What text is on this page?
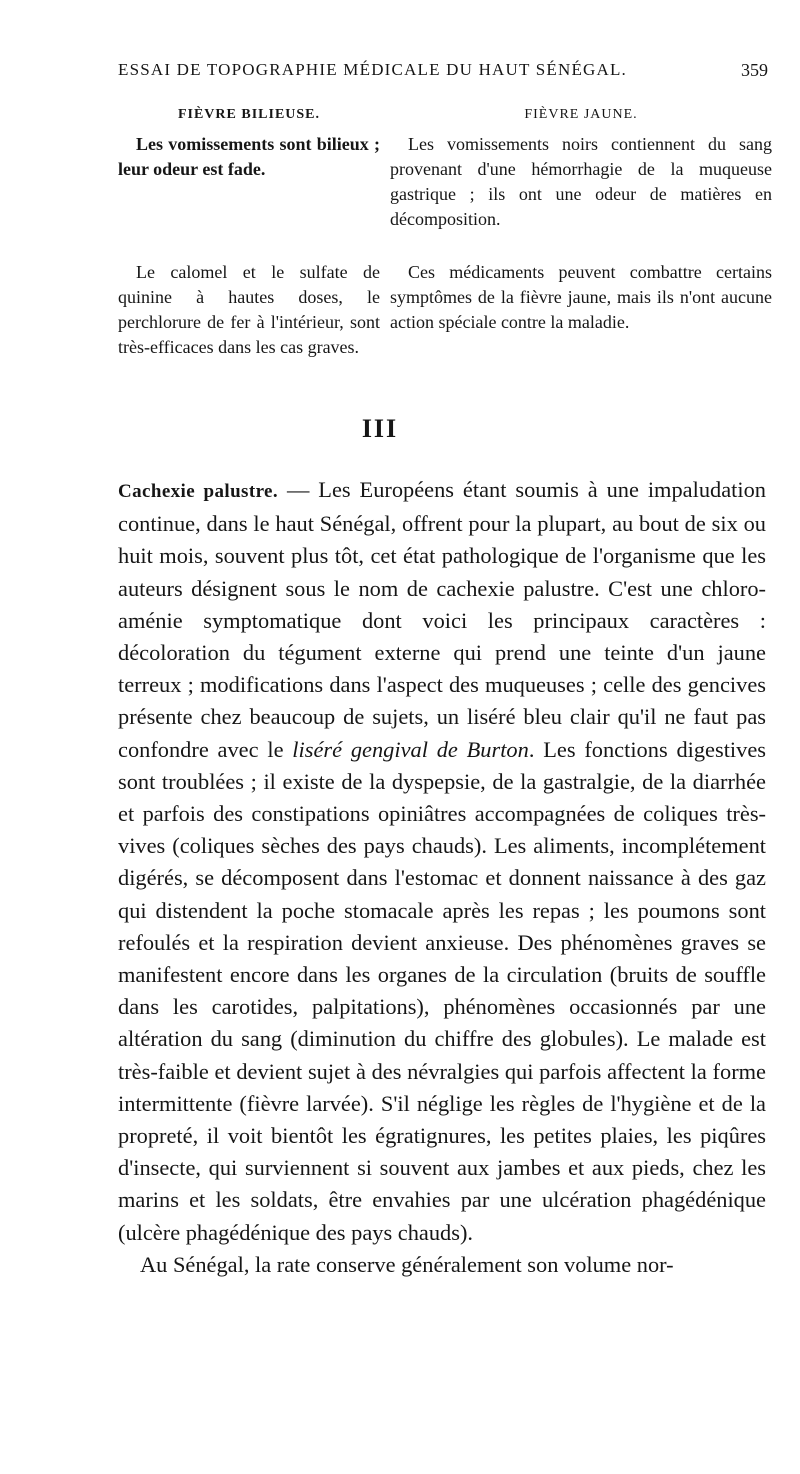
ESSAI DE TOPOGRAPHIE MÉDICALE DU HAUT SÉNÉGAL.	359
FIÈVRE BILIEUSE.

Les vomissements sont bilieux ; leur odeur est fade.

Le calomel et le sulfate de quinine à hautes doses, le perchlorure de fer à l'intérieur, sont très-efficaces dans les cas graves.

FIÈVRE JAUNE.

Les vomissements noirs contiennent du sang provenant d'une hémorrhagie de la muqueuse gastrique ; ils ont une odeur de matières en décomposition.

Ces médicaments peuvent combattre certains symptômes de la fièvre jaune, mais ils n'ont aucune action spéciale contre la maladie.

III

Cachexie palustre. — Les Européens étant soumis à une impaludation continue, dans le haut Sénégal, offrent pour la plupart, au bout de six ou huit mois, souvent plus tôt, cet état pathologique de l'organisme que les auteurs désignent sous le nom de cachexie palustre. C'est une chloro-aménie symptomatique dont voici les principaux caractères : décoloration du tégument externe qui prend une teinte d'un jaune terreux ; modifications dans l'aspect des muqueuses ; celle des gencives présente chez beaucoup de sujets, un liséré bleu clair qu'il ne faut pas confondre avec le liséré gengival de Burton. Les fonctions digestives sont troublées ; il existe de la dyspepsie, de la gastralgie, de la diarrhée et parfois des constipations opiniâtres accompagnées de coliques très-vives (coliques sèches des pays chauds). Les aliments, incomplétement digérés, se décomposent dans l'estomac et donnent naissance à des gaz qui distendent la poche stomacale après les repas ; les poumons sont refoulés et la respiration devient anxieuse. Des phénomènes graves se manifestent encore dans les organes de la circulation (bruits de souffle dans les carotides, palpitations), phénomènes occasionnés par une altération du sang (diminution du chiffre des globules). Le malade est très-faible et devient sujet à des névralgies qui parfois affectent la forme intermittente (fièvre larvée). S'il néglige les règles de l'hygiène et de la propreté, il voit bientôt les égratignures, les petites plaies, les piqûres d'insecte, qui surviennent si souvent aux jambes et aux pieds, chez les marins et les soldats, être envahies par une ulcération phagédénique (ulcère phagédénique des pays chauds).

Au Sénégal, la rate conserve généralement son volume nor-
